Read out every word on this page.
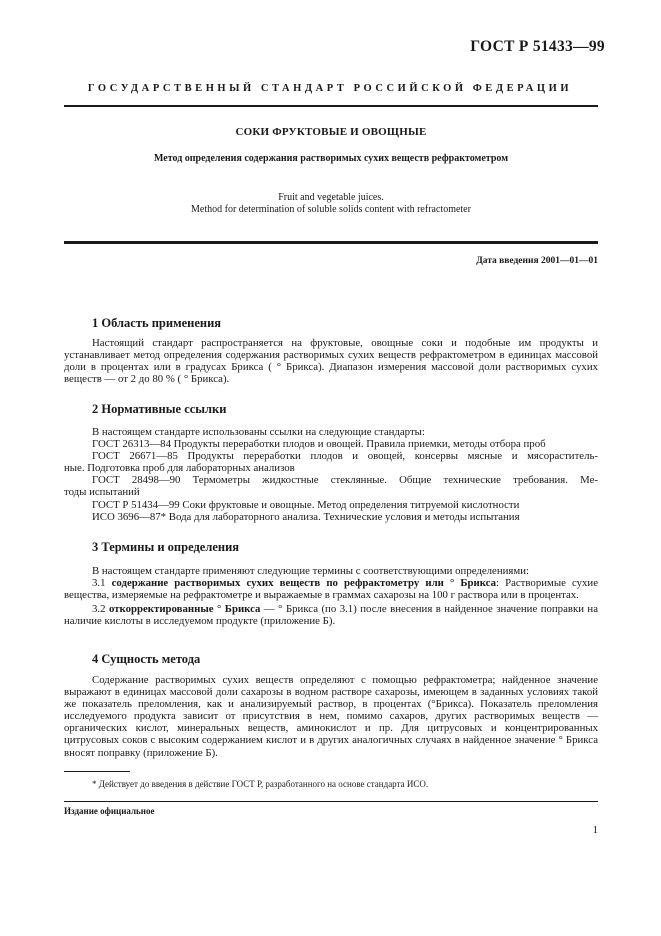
ГОСТ Р 51433—99
ГОСУДАРСТВЕННЫЙ СТАНДАРТ РОССИЙСКОЙ ФЕДЕРАЦИИ
СОКИ ФРУКТОВЫЕ И ОВОЩНЫЕ
Метод определения содержания растворимых сухих веществ рефрактометром
Fruit and vegetable juices.
Method for determination of soluble solids content with refractometer
Дата введения 2001—01—01
1 Область применения

Настоящий стандарт распространяется на фруктовые, овощные соки и подобные им продукты и устанавливает метод определения содержания растворимых сухих веществ рефрактометром в единицах массовой доли в процентах или в градусах Брикса ( ° Брикса). Диапазон измерения массовой доли растворимых сухих веществ — от 2 до 80 % ( ° Брикса).

2 Нормативные ссылки
В настоящем стандарте использованы ссылки на следующие стандарты:
ГОСТ 26313—84 Продукты переработки плодов и овощей. Правила приемки, методы отбора проб
ГОСТ 26671—85 Продукты переработки плодов и овощей, консервы мясные и мясораститель-
ные. Подготовка проб для лабораторных анализов
ГОСТ 28498—90 Термометры жидкостные стеклянные. Общие технические требования. Ме-
тоды испытаний
ГОСТ Р 51434—99 Соки фруктовые и овощные. Метод определения титруемой кислотности
ИСО 3696—87* Вода для лабораторного анализа. Технические условия и методы испытания
3 Термины и определения
В настоящем стандарте применяют следующие термины с соответствующими определениями:

3.1 содержание растворимых сухих веществ по рефрактометру или ° Брикса: Растворимые сухие вещества, измеряемые на рефрактометре и выражаемые в граммах сахарозы на 100 г раствора или в процентах.

3.2 откорректированные ° Брикса — ° Брикса (по 3.1) после внесения в найденное значение поправки на наличие кислоты в исследуемом продукте (приложение Б).

4 Сущность метода

Содержание растворимых сухих веществ определяют с помощью рефрактометра; найденное значение выражают в единицах массовой доли сахарозы в водном растворе сахарозы, имеющем в заданных условиях такой же показатель преломления, как и анализируемый раствор, в процентах (°Брикса). Показатель преломления исследуемого продукта зависит от присутствия в нем, помимо сахаров, других растворимых веществ — органических кислот, минеральных веществ, аминокислот и пр. Для цитрусовых и концентрированных цитрусовых соков с высоким содержанием кислот и в других аналогичных случаях в найденное значение ° Брикса вносят поправку (приложение Б).

* Действует до введения в действие ГОСТ Р, разработанного на основе стандарта ИСО.
Издание официальное
1
